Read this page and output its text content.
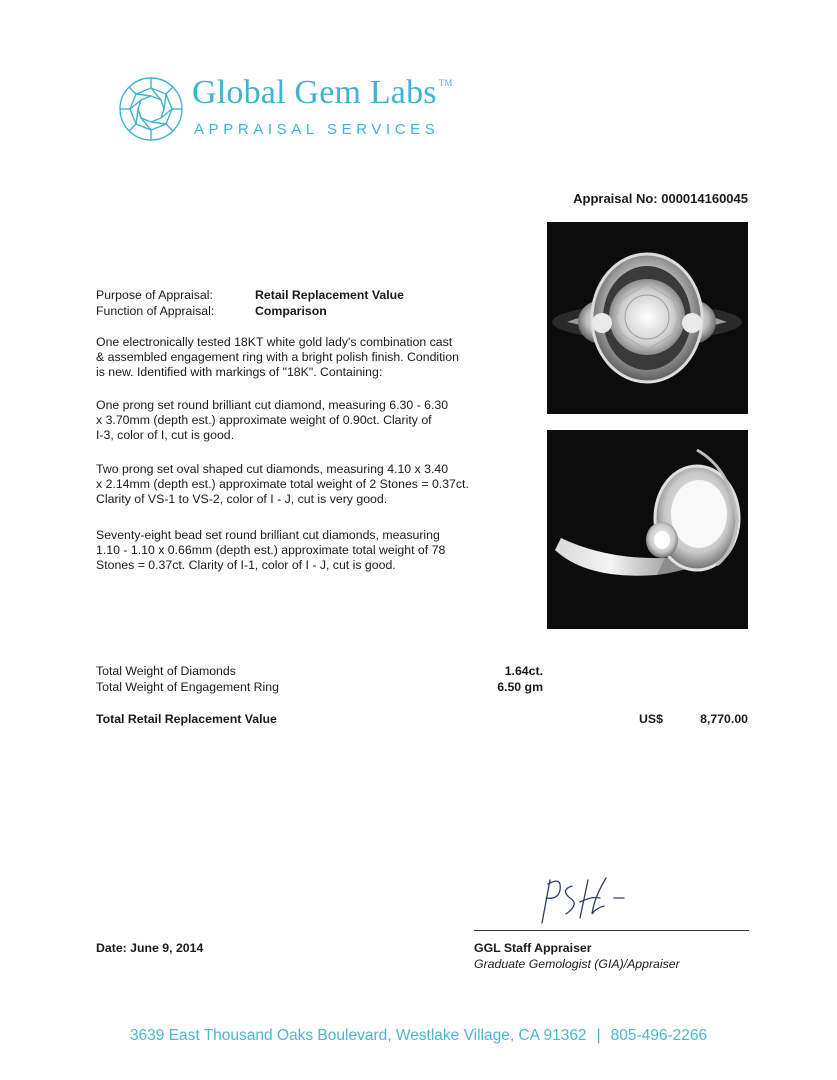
Global Gem Labs ™
APPRAISAL SERVICES
Appraisal No: 000014160045
Purpose of Appraisal:	Retail Replacement Value
Function of Appraisal:	Comparison
One electronically tested 18KT white gold lady's combination cast
& assembled engagement ring with a bright polish finish. Condition
is new. Identified with markings of "18K". Containing:
One prong set round brilliant cut diamond, measuring 6.30 - 6.30
x 3.70mm (depth est.) approximate weight of 0.90ct. Clarity of
I-3, color of I, cut is good.
Two prong set oval shaped cut diamonds, measuring 4.10 x 3.40
x 2.14mm (depth est.) approximate total weight of 2 Stones = 0.37ct.
Clarity of VS-1 to VS-2, color of I - J, cut is very good.
Seventy-eight bead set round brilliant cut diamonds, measuring
1.10 - 1.10 x 0.66mm (depth est.) approximate total weight of 78
Stones = 0.37ct. Clarity of I-1, color of I - J, cut is good.
Total Weight of Diamonds	1.64ct.
Total Weight of Engagement Ring	6.50 gm
Total Retail Replacement Value	US$	8,770.00
GGL Staff Appraiser
Graduate Gemologist (GIA)/Appraiser
Date: June 9, 2014
3639 East Thousand Oaks Boulevard, Westlake Village, CA 91362 | 805-496-2266
